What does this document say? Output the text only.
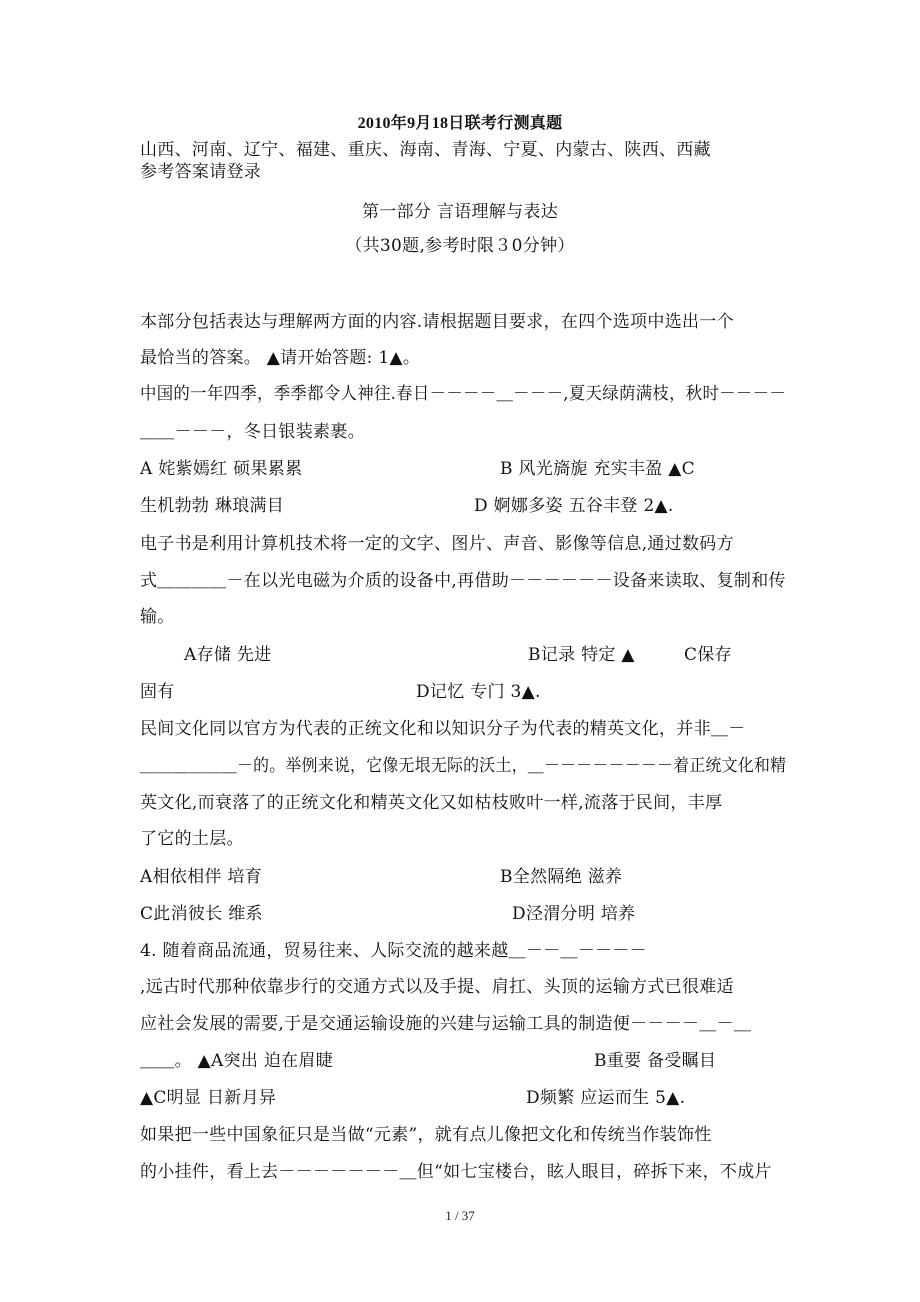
2010年9月18日联考行测真题
山西、河南、辽宁、福建、重庆、海南、青海、宁夏、内蒙古、陕西、西藏
参考答案请登录
第一部分 言语理解与表达
（共30题,参考时限３0分钟）
本部分包括表达与理解两方面的内容.请根据题目要求，在四个选项中选出一个
最恰当的答案。 ▲请开始答题: 1▲。
中国的一年四季，季季都令人神往.春日－－－－＿－－－,夏天绿荫满枝，秋时－－－－
＿＿－－－，冬日银装素裹。
A 姹紫嫣红 硕果累累	B 风光旖旎 充实丰盈 ▲C
生机勃勃 琳琅满目	D 婀娜多姿 五谷丰登 2▲.
电子书是利用计算机技术将一定的文字、图片、声音、影像等信息,通过数码方
式＿＿＿＿－在以光电磁为介质的设备中,再借助－－－－－－设备来读取、复制和传
输。
A存储 先进	B记录 特定 ▲	C保存
固有	D记忆 专门 3▲.
民间文化同以官方为代表的正统文化和以知识分子为代表的精英文化，并非＿－
＿＿＿＿＿＿－的。举例来说，它像无垠无际的沃土，＿－－－－－－－－着正统文化和精
英文化,而衰落了的正统文化和精英文化又如枯枝败叶一样,流落于民间，丰厚
了它的土层。
A相依相伴 培育	B全然隔绝 滋养
C此消彼长 维系	D泾渭分明 培养
4. 随着商品流通，贸易往来、人际交流的越来越＿－－＿－－－－
,远古时代那种依靠步行的交通方式以及手提、肩扛、头顶的运输方式已很难适
应社会发展的需要,于是交通运输设施的兴建与运输工具的制造便－－－－＿－＿
＿＿。 ▲A突出 迫在眉睫	B重要 备受瞩目
▲C明显 日新月异	D频繁 应运而生 5▲.
如果把一些中国象征只是当做“元素”，就有点儿像把文化和传统当作装饰性
的小挂件，看上去－－－－－－－＿但“如七宝楼台，眩人眼目，碎拆下来，不成片
1 / 37
